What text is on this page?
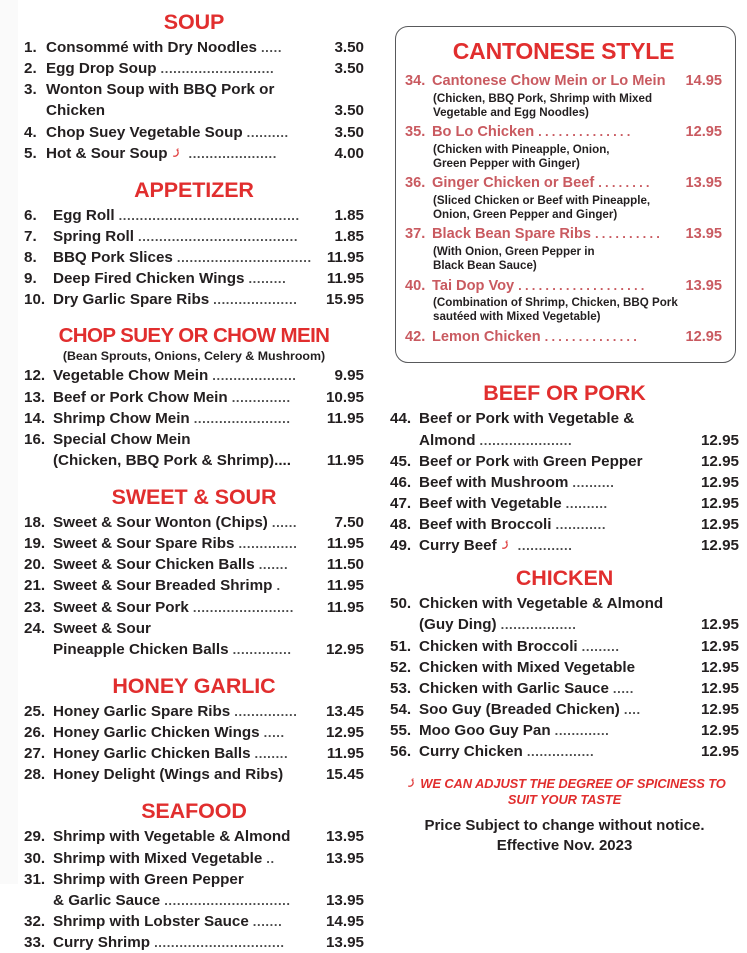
SOUP
1. Consommé with Dry Noodles .....	3.50
2. Egg Drop Soup ...........................	3.50
3. Wonton Soup with BBQ Pork or
Chicken	3.50
4. Chop Suey Vegetable Soup ..........	3.50
5. Hot & Sour Soup	.....................	4.00
APPETIZER
6.	Egg Roll ...........................................	1.85
7.	Spring Roll ......................................	1.85
8.	BBQ Pork Slices ................................ 11.95
9.	Deep Fired Chicken Wings .........	11.95
10. Dry Garlic Spare Ribs ....................	15.95
CHOP SUEY OR CHOW MEIN
(Bean Sprouts, Onions, Celery & Mushroom)
12. Vegetable Chow Mein ....................	9.95
13. Beef or Pork Chow Mein ..............	10.95
14. Shrimp Chow Mein .......................	11.95
16. Special Chow Mein
(Chicken, BBQ Pork & Shrimp)....	11.95
SWEET & SOUR
18. Sweet & Sour Wonton (Chips) ......	7.50
19. Sweet & Sour Spare Ribs ..............	11.95
20. Sweet & Sour Chicken Balls .......	11.50
21. Sweet & Sour Breaded Shrimp .	11.95
23. Sweet & Sour Pork ........................	11.95
24. Sweet & Sour
Pineapple Chicken Balls ..............	12.95
HONEY GARLIC
25. Honey Garlic Spare Ribs ...............	13.45
26. Honey Garlic Chicken Wings .....	12.95
27. Honey Garlic Chicken Balls ........	11.95
28. Honey Delight (Wings and Ribs)	15.45
SEAFOOD
29. Shrimp with Vegetable & Almond	13.95
30. Shrimp with Mixed Vegetable ..	13.95
31. Shrimp with Green Pepper
& Garlic Sauce ..............................	13.95
32. Shrimp with Lobster Sauce .......	14.95
33. Curry Shrimp ...............................	13.95
CANTONESE STYLE
34. Cantonese Chow Mein or Lo Mein	14.95
(Chicken, BBQ Pork, Shrimp with Mixed
Vegetable and Egg Noodles)
35. Bo Lo Chicken ..............	12.95
(Chicken with Pineapple, Onion,
Green Pepper with Ginger)
36. Ginger Chicken or Beef ........	13.95
(Sliced Chicken or Beef with Pineapple,
Onion, Green Pepper and Ginger)
37. Black Bean Spare Ribs ..........	13.95
(With Onion, Green Pepper in
Black Bean Sauce)
40. Tai Dop Voy ...................	13.95
(Combination of Shrimp, Chicken, BBQ Pork
sautéed with Mixed Vegetable)
42. Lemon Chicken ..............	12.95
BEEF OR PORK
44. Beef or Pork with Vegetable &
Almond ......................	12.95
45. Beef or Pork with Green Pepper	12.95
46. Beef with Mushroom ..........	12.95
47. Beef with Vegetable ..........	12.95
48. Beef with Broccoli ............	12.95
49. Curry Beef	.............	12.95
CHICKEN
50. Chicken with Vegetable & Almond
(Guy Ding) ..................	12.95
51. Chicken with Broccoli .........	12.95
52. Chicken with Mixed Vegetable	12.95
53. Chicken with Garlic Sauce .....	12.95
54. Soo Guy (Breaded Chicken) ....	12.95
55. Moo Goo Guy Pan .............	12.95
56. Curry Chicken ................	12.95
WE CAN ADJUST THE DEGREE OF SPICINESS TO
SUIT YOUR TASTE
Price Subject to change without notice.
Effective Nov. 2023
